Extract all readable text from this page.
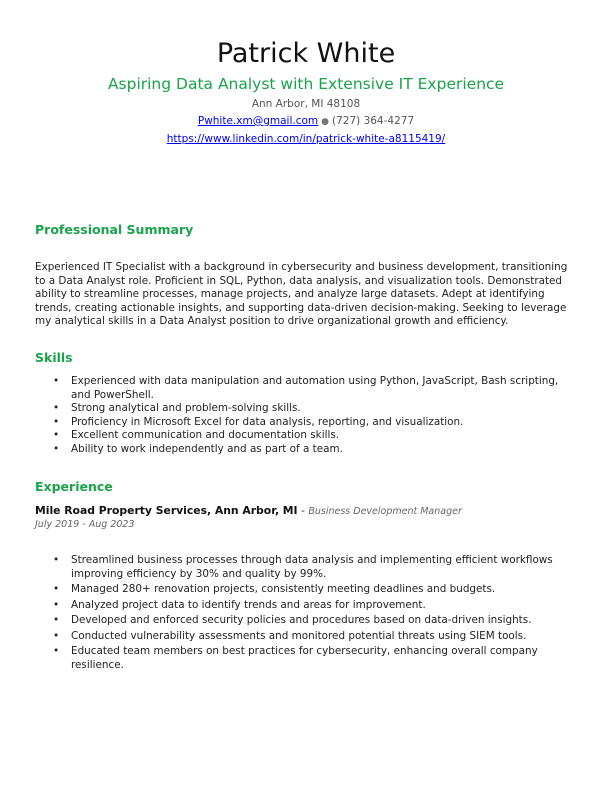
Patrick White
Aspiring Data Analyst with Extensive IT Experience
Ann Arbor, MI 48108
Pwhite.xm@gmail.com ● (727) 364-4277
https://www.linkedin.com/in/patrick-white-a8115419/
Professional Summary
Experienced IT Specialist with a background in cybersecurity and business development, transitioning to a Data Analyst role. Proficient in SQL, Python, data analysis, and visualization tools. Demonstrated ability to streamline processes, manage projects, and analyze large datasets. Adept at identifying trends, creating actionable insights, and supporting data-driven decision-making. Seeking to leverage my analytical skills in a Data Analyst position to drive organizational growth and efficiency.
Skills
• Experienced with data manipulation and automation using Python, JavaScript, Bash scripting, and PowerShell.
• Strong analytical and problem-solving skills.
• Proficiency in Microsoft Excel for data analysis, reporting, and visualization.
• Excellent communication and documentation skills.
• Ability to work independently and as part of a team.
Experience
Mile Road Property Services, Ann Arbor, MI - Business Development Manager
July 2019 - Aug 2023
• Streamlined business processes through data analysis and implementing efficient workflows improving efficiency by 30% and quality by 99%.
• Managed 280+ renovation projects, consistently meeting deadlines and budgets.
• Analyzed project data to identify trends and areas for improvement.
• Developed and enforced security policies and procedures based on data-driven insights.
• Conducted vulnerability assessments and monitored potential threats using SIEM tools.
• Educated team members on best practices for cybersecurity, enhancing overall company resilience.
